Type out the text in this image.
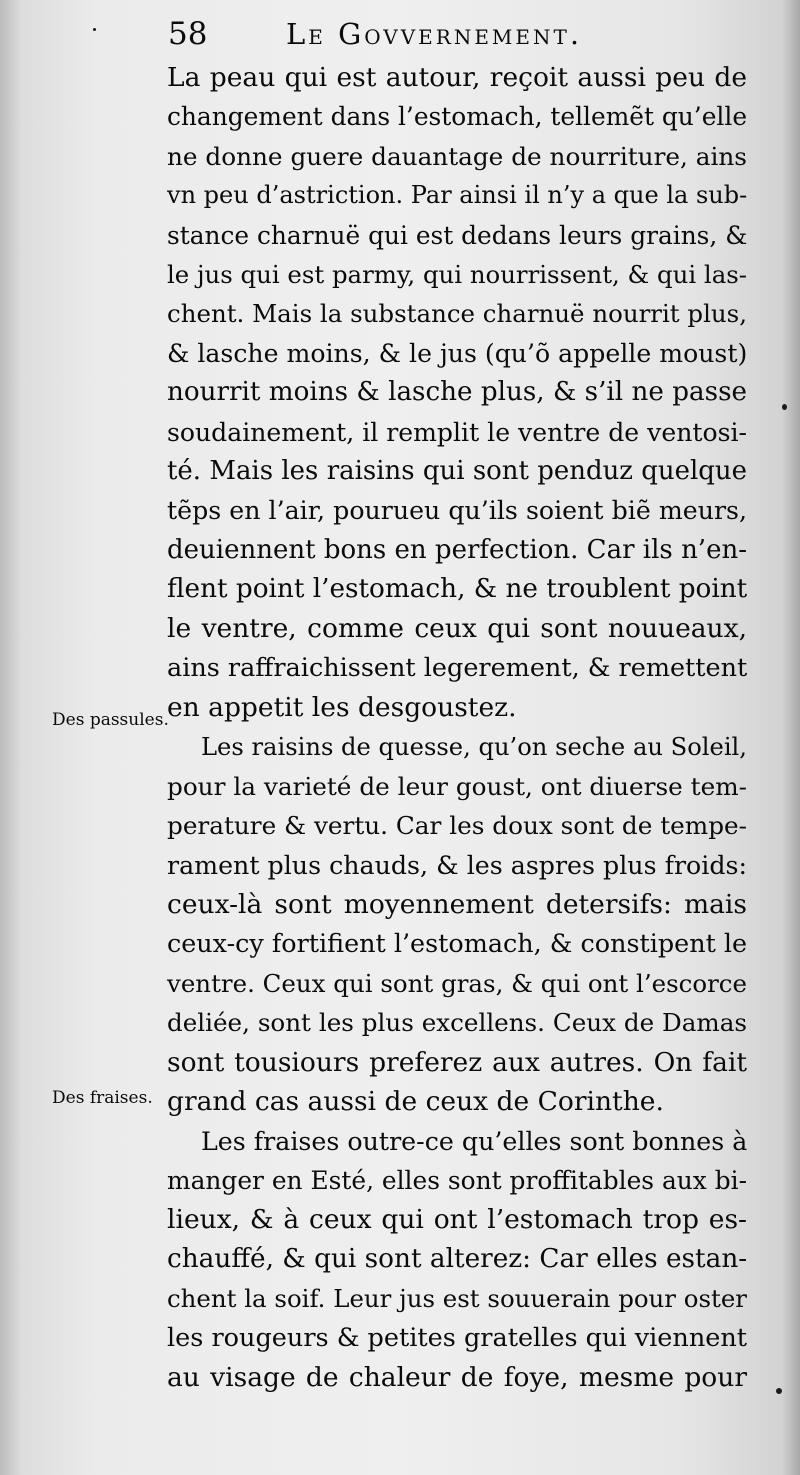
58	Le Govvernement.
Des passules.
Des fraises.
La peau qui est autour, reçoit aussi peu de
changement dans l’estomach, tellemẽt qu’elle
ne donne guere dauantage de nourriture, ains
vn peu d’astriction. Par ainsi il n’y a que la sub-
stance charnuë qui est dedans leurs grains, &
le jus qui est parmy, qui nourrissent, & qui las-
chent. Mais la substance charnuë nourrit plus,
& lasche moins, & le jus (qu’õ appelle moust)
nourrit moins & lasche plus, & s’il ne passe
soudainement, il remplit le ventre de ventosi-
té. Mais les raisins qui sont penduz quelque
tẽps en l’air, pourueu qu’ils soient biẽ meurs,
deuiennent bons en perfection. Car ils n’en-
flent point l’estomach, & ne troublent point
le ventre, comme ceux qui sont nouueaux,
ains raffraichissent legerement, & remettent
en appetit les desgoustez.
Les raisins de quesse, qu’on seche au Soleil,
pour la varieté de leur goust, ont diuerse tem-
perature & vertu. Car les doux sont de tempe-
rament plus chauds, & les aspres plus froids:
ceux-là sont moyennement detersifs: mais
ceux-cy fortifient l’estomach, & constipent le
ventre. Ceux qui sont gras, & qui ont l’escorce
deliée, sont les plus excellens. Ceux de Damas
sont tousiours preferez aux autres. On fait
grand cas aussi de ceux de Corinthe.
Les fraises outre-ce qu’elles sont bonnes à
manger en Esté, elles sont proffitables aux bi-
lieux, & à ceux qui ont l’estomach trop es-
chauffé, & qui sont alterez: Car elles estan-
chent la soif. Leur jus est souuerain pour oster
les rougeurs & petites gratelles qui viennent
au visage de chaleur de foye, mesme pour
